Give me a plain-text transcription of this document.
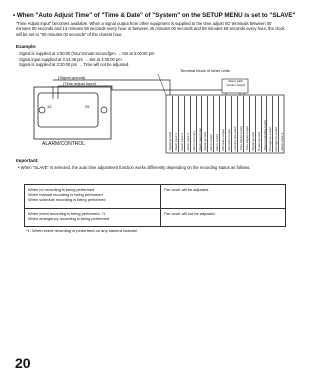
• When "Auto Adjust Time" of "Time & Date" of "System" on the SETUP MENU is set to "SLAVE"
"Time Adjust Input" becomes available. When a signal output from other equipment is supplied to the time adjust I/O terminals between 00 minutes 00 seconds and 14 minutes 59 seconds every hour or between 45 minutes 00 seconds and 59 minutes 59 seconds every hour, the clock will be set to "00 minutes 00 seconds" of the closest hour.
Example:
Signal is supplied at 2:50:00 (hour:minute:second)pm → Set at 3:00:00 pm
Signal input supplied at 3:14:45 pm → Set at 3:00:00 pm
Signal is supplied at 3:20:00 pm → Time will not be adjusted.
(Signal ground)
(Time adjust input)
Terminal block of other units
Alarm LED monitor output
13	25
ALARM/CONTROL	Signal ground Alarm input 1 Alarm input 2 Alarm input 3 Alarm recovery Alarm reset input Signal ground Alarm output Alarm output Recorder output Recorder output Camera site alarm Time adjust output Time adjust output Signal ground Power ground Timer-controlled output Emergency output Emergency output Alarm input 4
Important:
• When "SLAVE" is selected, the auto time adjustment function works differently depending on the recording status as follows.
When no recording is being performed
When manual recording is being performed
When schedule recording is being performed	The clock will be adjusted.

When event recording is being performed. *1
When emergency recording is being performed	The clock will not be adjusted.
*1: When event recording is performed on any camera channel
20
